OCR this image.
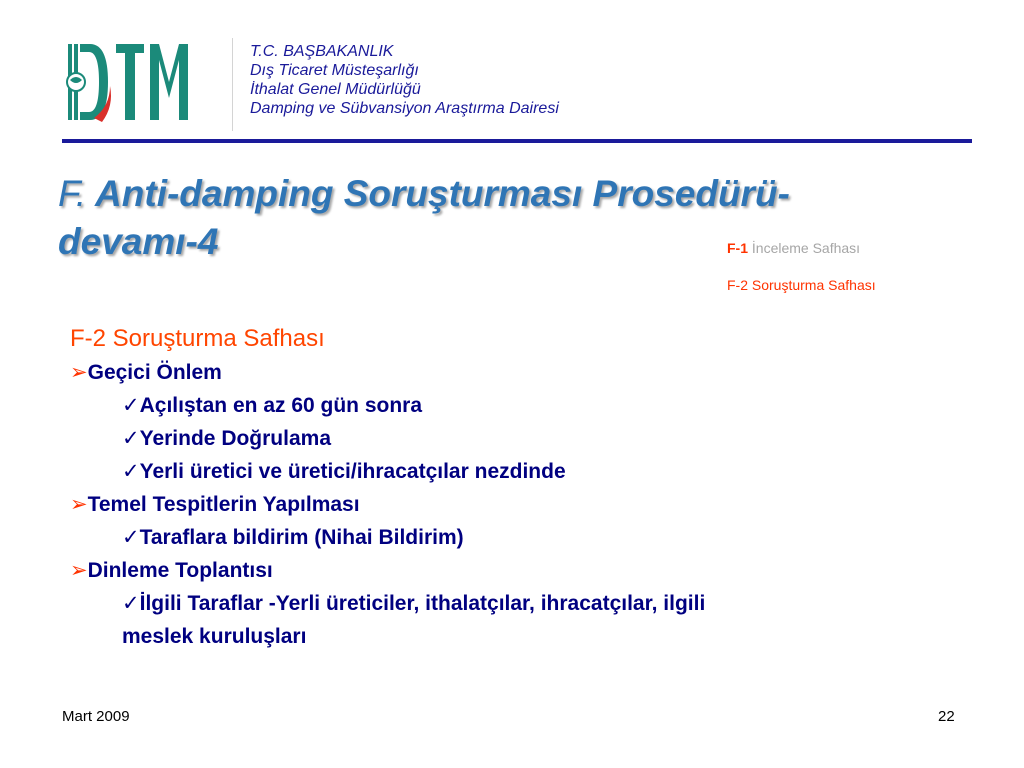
DTM
T.C. BAŞBAKANLIK
Dış Ticaret Müsteşarlığı
İthalat Genel Müdürlüğü
Damping ve Sübvansiyon Araştırma Dairesi
F. Anti-damping Soruşturması Prosedürü-
devamı-4	F-1 İnceleme Safhası
F-2 Soruşturma Safhası
F-2 Soruşturma Safhası
➢Geçici Önlem
✓Açılıştan en az 60 gün sonra
✓Yerinde Doğrulama
✓Yerli üretici ve üretici/ihracatçılar nezdinde
➢Temel Tespitlerin Yapılması
✓Taraflara bildirim (Nihai Bildirim)
➢Dinleme Toplantısı
✓İlgili Taraflar -Yerli üreticiler, ithalatçılar, ihracatçılar, ilgili
meslek kuruluşları
Mart 2009	22
